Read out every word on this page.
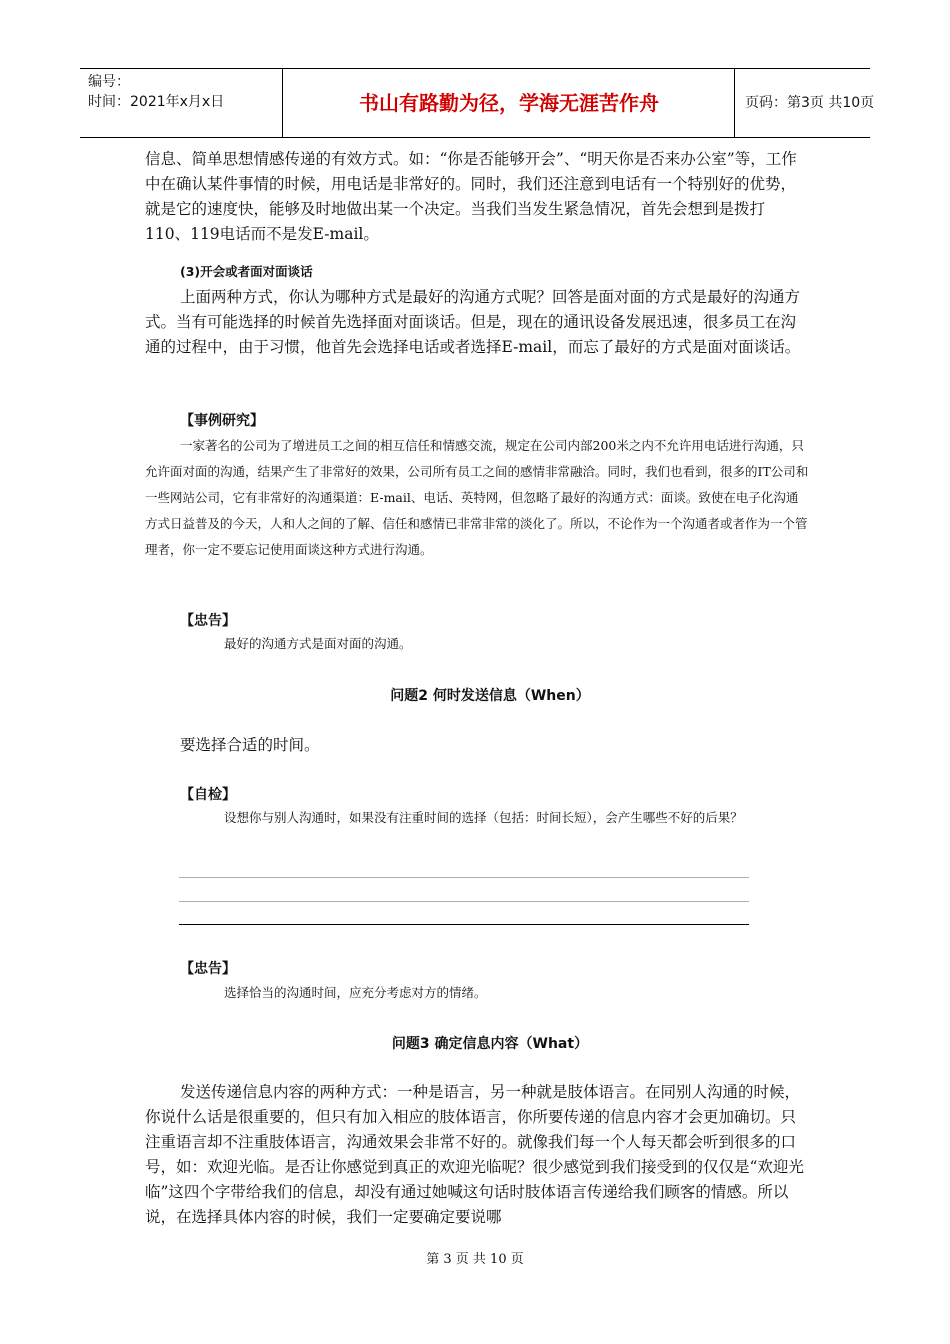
编号：
时间：2021年x月x日	书山有路勤为径，学海无涯苦作舟	页码：第3页 共10页

信息、简单思想情感传递的有效方式。如：“你是否能够开会”、“明天你是否来办公室”等，工作中在确认某件事情的时候，用电话是非常好的。同时，我们还注意到电话有一个特别好的优势，就是它的速度快，能够及时地做出某一个决定。当我们当发生紧急情况，首先会想到是拨打110、119电话而不是发E-mail。

(3)开会或者面对面谈话

上面两种方式，你认为哪种方式是最好的沟通方式呢？回答是面对面的方式是最好的沟通方式。当有可能选择的时候首先选择面对面谈话。但是，现在的通讯设备发展迅速，很多员工在沟通的过程中，由于习惯，他首先会选择电话或者选择E-mail，而忘了最好的方式是面对面谈话。

【事例研究】

一家著名的公司为了增进员工之间的相互信任和情感交流，规定在公司内部200米之内不允许用电话进行沟通，只允许面对面的沟通，结果产生了非常好的效果，公司所有员工之间的感情非常融洽。同时，我们也看到，很多的IT公司和一些网站公司，它有非常好的沟通渠道：E-mail、电话、英特网，但忽略了最好的沟通方式：面谈。致使在电子化沟通方式日益普及的今天，人和人之间的了解、信任和感情已非常非常的淡化了。所以，不论作为一个沟通者或者作为一个管理者，你一定不要忘记使用面谈这种方式进行沟通。

【忠告】

最好的沟通方式是面对面的沟通。

问题2 何时发送信息（When）

要选择合适的时间。

【自检】

设想你与别人沟通时，如果没有注重时间的选择（包括：时间长短），会产生哪些不好的后果？

【忠告】

选择恰当的沟通时间，应充分考虑对方的情绪。

问题3 确定信息内容（What）

发送传递信息内容的两种方式：一种是语言，另一种就是肢体语言。在同别人沟通的时候，你说什么话是很重要的，但只有加入相应的肢体语言，你所要传递的信息内容才会更加确切。只注重语言却不注重肢体语言，沟通效果会非常不好的。就像我们每一个人每天都会听到很多的口号，如：欢迎光临。是否让你感觉到真正的欢迎光临呢？很少感觉到我们接受到的仅仅是“欢迎光临”这四个字带给我们的信息，却没有通过她喊这句话时肢体语言传递给我们顾客的情感。所以说，在选择具体内容的时候，我们一定要确定要说哪

第 3 页 共 10 页
